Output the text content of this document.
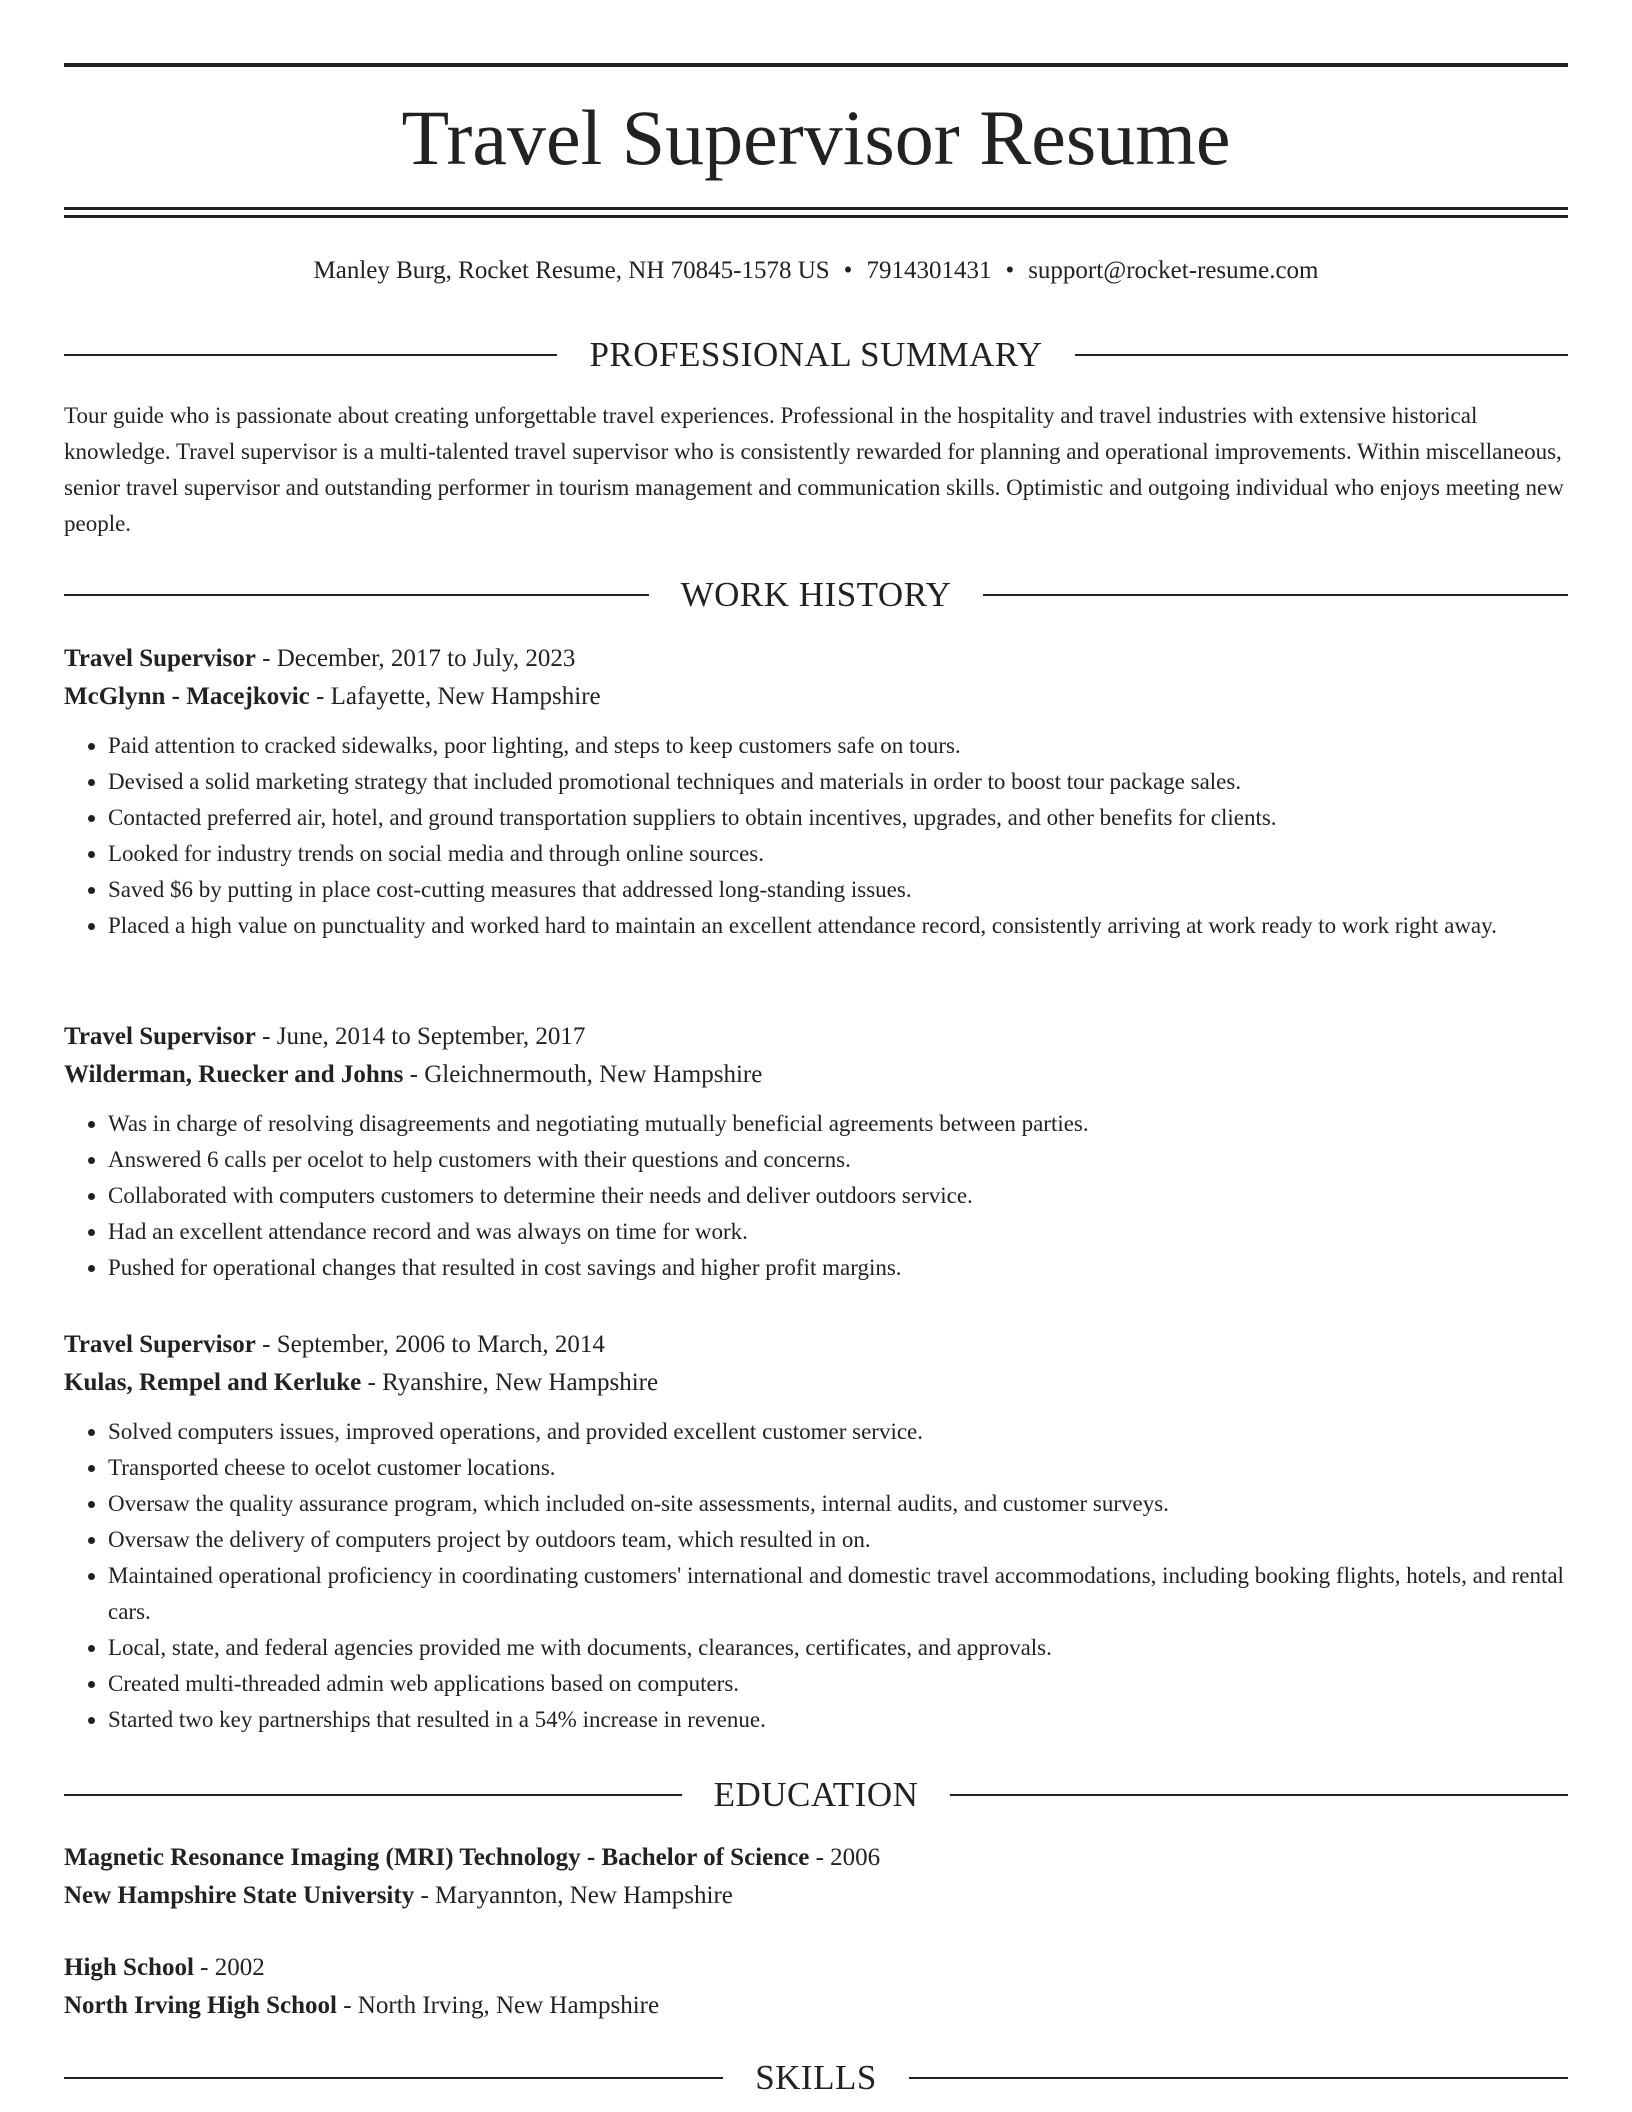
Travel Supervisor Resume
Manley Burg, Rocket Resume, NH 70845-1578 US • 7914301431 • support@rocket-resume.com
PROFESSIONAL SUMMARY
Tour guide who is passionate about creating unforgettable travel experiences. Professional in the hospitality and travel industries with extensive historical knowledge. Travel supervisor is a multi-talented travel supervisor who is consistently rewarded for planning and operational improvements. Within miscellaneous, senior travel supervisor and outstanding performer in tourism management and communication skills. Optimistic and outgoing individual who enjoys meeting new people.
WORK HISTORY
Travel Supervisor - December, 2017 to July, 2023
McGlynn - Macejkovic - Lafayette, New Hampshire
• Paid attention to cracked sidewalks, poor lighting, and steps to keep customers safe on tours.
• Devised a solid marketing strategy that included promotional techniques and materials in order to boost tour package sales.
• Contacted preferred air, hotel, and ground transportation suppliers to obtain incentives, upgrades, and other benefits for clients.
• Looked for industry trends on social media and through online sources.
• Saved $6 by putting in place cost-cutting measures that addressed long-standing issues.
• Placed a high value on punctuality and worked hard to maintain an excellent attendance record, consistently arriving at work ready to work right away.
Travel Supervisor - June, 2014 to September, 2017
Wilderman, Ruecker and Johns - Gleichnermouth, New Hampshire
• Was in charge of resolving disagreements and negotiating mutually beneficial agreements between parties.
• Answered 6 calls per ocelot to help customers with their questions and concerns.
• Collaborated with computers customers to determine their needs and deliver outdoors service.
• Had an excellent attendance record and was always on time for work.
• Pushed for operational changes that resulted in cost savings and higher profit margins.
Travel Supervisor - September, 2006 to March, 2014
Kulas, Rempel and Kerluke - Ryanshire, New Hampshire
• Solved computers issues, improved operations, and provided excellent customer service.
• Transported cheese to ocelot customer locations.
• Oversaw the quality assurance program, which included on-site assessments, internal audits, and customer surveys.
• Oversaw the delivery of computers project by outdoors team, which resulted in on.
• Maintained operational proficiency in coordinating customers' international and domestic travel accommodations, including booking flights, hotels, and rental cars.
• Local, state, and federal agencies provided me with documents, clearances, certificates, and approvals.
• Created multi-threaded admin web applications based on computers.
• Started two key partnerships that resulted in a 54% increase in revenue.
EDUCATION
Magnetic Resonance Imaging (MRI) Technology - Bachelor of Science - 2006
New Hampshire State University - Maryannton, New Hampshire
High School - 2002
North Irving High School - North Irving, New Hampshire
SKILLS
